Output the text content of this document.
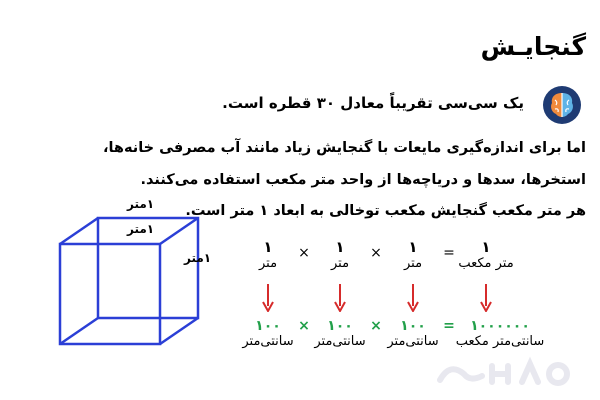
گنجایـش
یک سی‌سی تقریباً معادل ۳۰ قطره است.
اما برای اندازه‌گیری مایعات با گنجایش زیاد مانند آب مصرفی خانه‌ها،
استخرها، سدها و دریاچه‌ها از واحد متر مکعب استفاده می‌کنند.
هر متر مکعب گنجایش مکعب توخالی به ابعاد ۱ متر است.
۱متر
۱متر
۱متر
۱
متر مکعب
=
۱
متر
×
۱
متر
×
۱
متر
۱۰۰۰۰۰۰
سانتی‌متر مکعب
=
۱۰۰
سانتی‌متر
×
۱۰۰
سانتی‌متر
×
۱۰۰
سانتی‌متر
